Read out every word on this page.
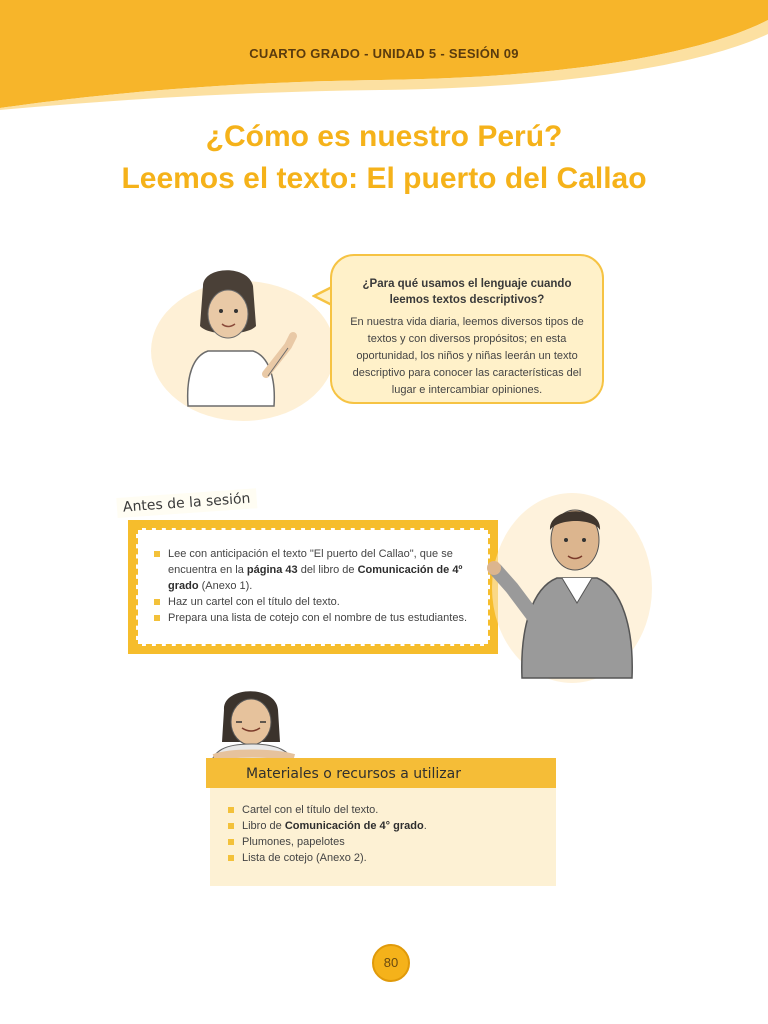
CUARTO GRADO - UNIDAD 5 - SESIÓN 09
¿Cómo es nuestro Perú?
Leemos el texto: El puerto del Callao

¿Para qué usamos el lenguaje cuando leemos textos descriptivos?

En nuestra vida diaria, leemos diversos tipos de textos y con diversos propósitos; en esta oportunidad, los niños y niñas leerán un texto descriptivo para conocer las características del lugar e intercambiar opiniones.

Antes de la sesión
Lee con anticipación el texto "El puerto del Callao", que se encuentra en la página 43 del libro de Comunicación de 4º grado (Anexo 1).
Haz un cartel con el título del texto.
Prepara una lista de cotejo con el nombre de tus estudiantes.
Materiales o recursos a utilizar
Cartel con el título del texto.
Libro de Comunicación de 4° grado.
Plumones, papelotes
Lista de cotejo (Anexo 2).
80
